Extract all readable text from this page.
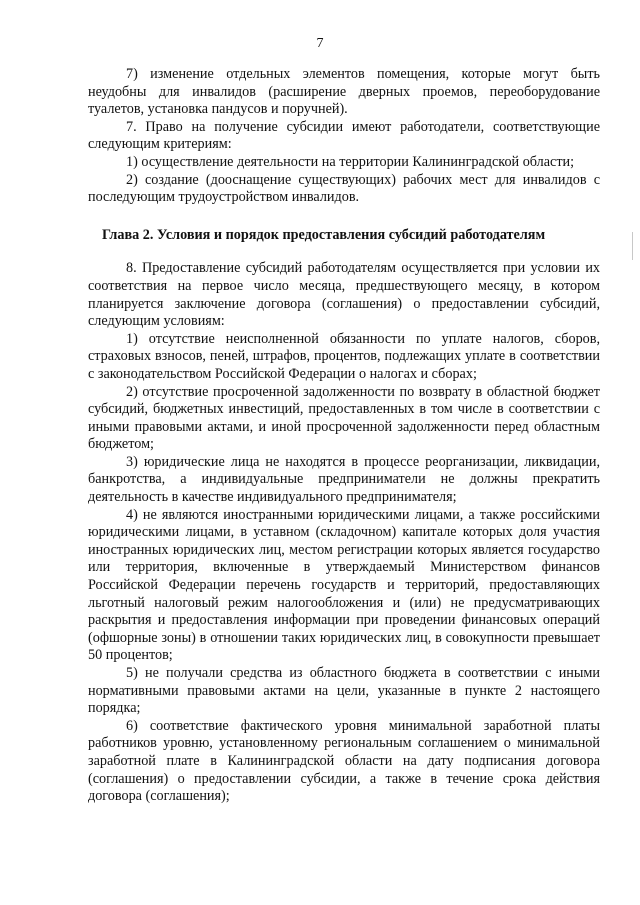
7

7) изменение отдельных элементов помещения, которые могут быть неудобны для инвалидов (расширение дверных проемов, переоборудование туалетов, установка пандусов и поручней).

7. Право на получение субсидии имеют работодатели, соответствующие следующим критериям:

1) осуществление деятельности на территории Калининградской области;

2) создание (дооснащение существующих) рабочих мест для инвалидов с последующим трудоустройством инвалидов.

Глава 2. Условия и порядок предоставления субсидий работодателям

8. Предоставление субсидий работодателям осуществляется при условии их соответствия на первое число месяца, предшествующего месяцу, в котором планируется заключение договора (соглашения) о предоставлении субсидий, следующим условиям:

1) отсутствие неисполненной обязанности по уплате налогов, сборов, страховых взносов, пеней, штрафов, процентов, подлежащих уплате в соответствии с законодательством Российской Федерации о налогах и сборах;

2) отсутствие просроченной задолженности по возврату в областной бюджет субсидий, бюджетных инвестиций, предоставленных в том числе в соответствии с иными правовыми актами, и иной просроченной задолженности перед областным бюджетом;

3) юридические лица не находятся в процессе реорганизации, ликвидации, банкротства, а индивидуальные предприниматели не должны прекратить деятельность в качестве индивидуального предпринимателя;

4) не являются иностранными юридическими лицами, а также российскими юридическими лицами, в уставном (складочном) капитале которых доля участия иностранных юридических лиц, местом регистрации которых является государство или территория, включенные в утверждаемый Министерством финансов Российской Федерации перечень государств и территорий, предоставляющих льготный налоговый режим налогообложения и (или) не предусматривающих раскрытия и предоставления информации при проведении финансовых операций (офшорные зоны) в отношении таких юридических лиц, в совокупности превышает 50 процентов;

5) не получали средства из областного бюджета в соответствии с иными нормативными правовыми актами на цели, указанные в пункте 2 настоящего порядка;

6) соответствие фактического уровня минимальной заработной платы работников уровню, установленному региональным соглашением о минимальной заработной плате в Калининградской области на дату подписания договора (соглашения) о предоставлении субсидии, а также в течение срока действия договора (соглашения);
